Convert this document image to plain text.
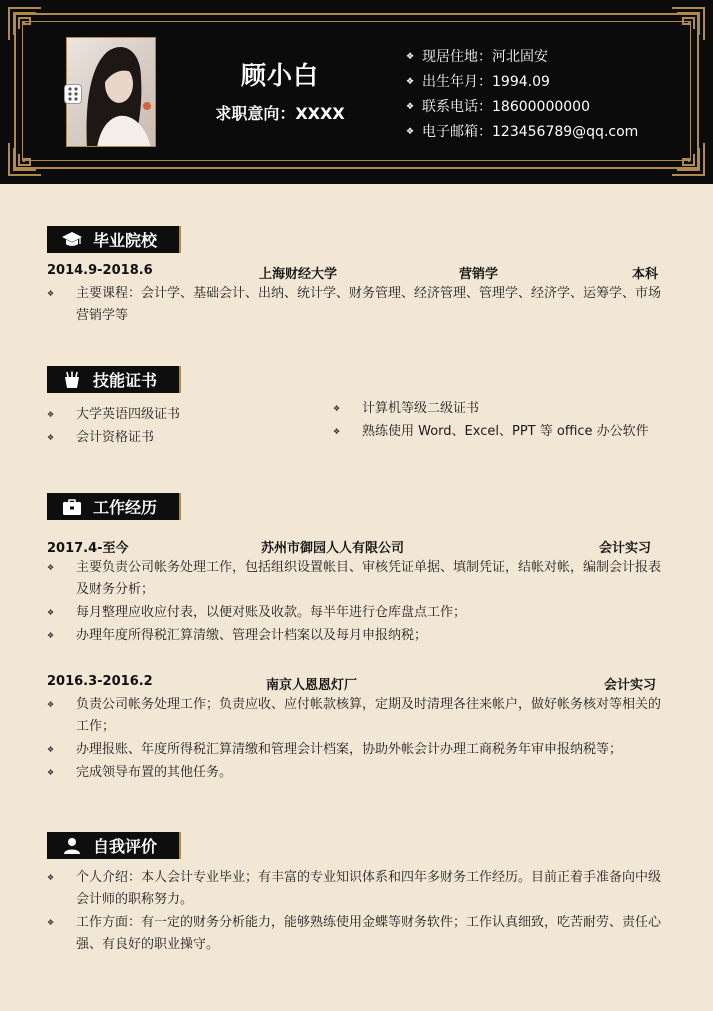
顾小白
求职意向：XXXX
❖ 现居住地：河北固安
❖ 出生年月：1994.09
❖ 联系电话：18600000000
❖ 电子邮箱：123456789@qq.com
毕业院校
2014.9-2018.6	上海财经大学	营销学	本科
❖	主要课程：会计学、基础会计、出纳、统计学、财务管理、经济管理、管理学、经济学、运筹学、市场营销学等
技能证书
❖	大学英语四级证书
❖	会计资格证书
❖	计算机等级二级证书
❖	熟练使用 Word、Excel、PPT 等 office 办公软件
工作经历
2017.4-至今	苏州市御园人人有限公司	会计实习
❖	主要负责公司帐务处理工作，包括组织设置帐目、审核凭证单据、填制凭证，结帐对帐，编制会计报表及财务分析；
❖	每月整理应收应付表，以便对账及收款。每半年进行仓库盘点工作；
❖	办理年度所得税汇算清缴、管理会计档案以及每月申报纳税；
2016.3-2016.2	南京人恩恩灯厂	会计实习
❖	负责公司帐务处理工作；负责应收、应付帐款核算，定期及时清理各往来帐户，做好帐务核对等相关的工作；
❖	办理报账、年度所得税汇算清缴和管理会计档案，协助外帐会计办理工商税务年审申报纳税等；
❖	完成领导布置的其他任务。
自我评价
❖	个人介绍：本人会计专业毕业；有丰富的专业知识体系和四年多财务工作经历。目前正着手准备向中级会计师的职称努力。
❖	工作方面：有一定的财务分析能力，能够熟练使用金蝶等财务软件；工作认真细致，吃苦耐劳、责任心强、有良好的职业操守。
